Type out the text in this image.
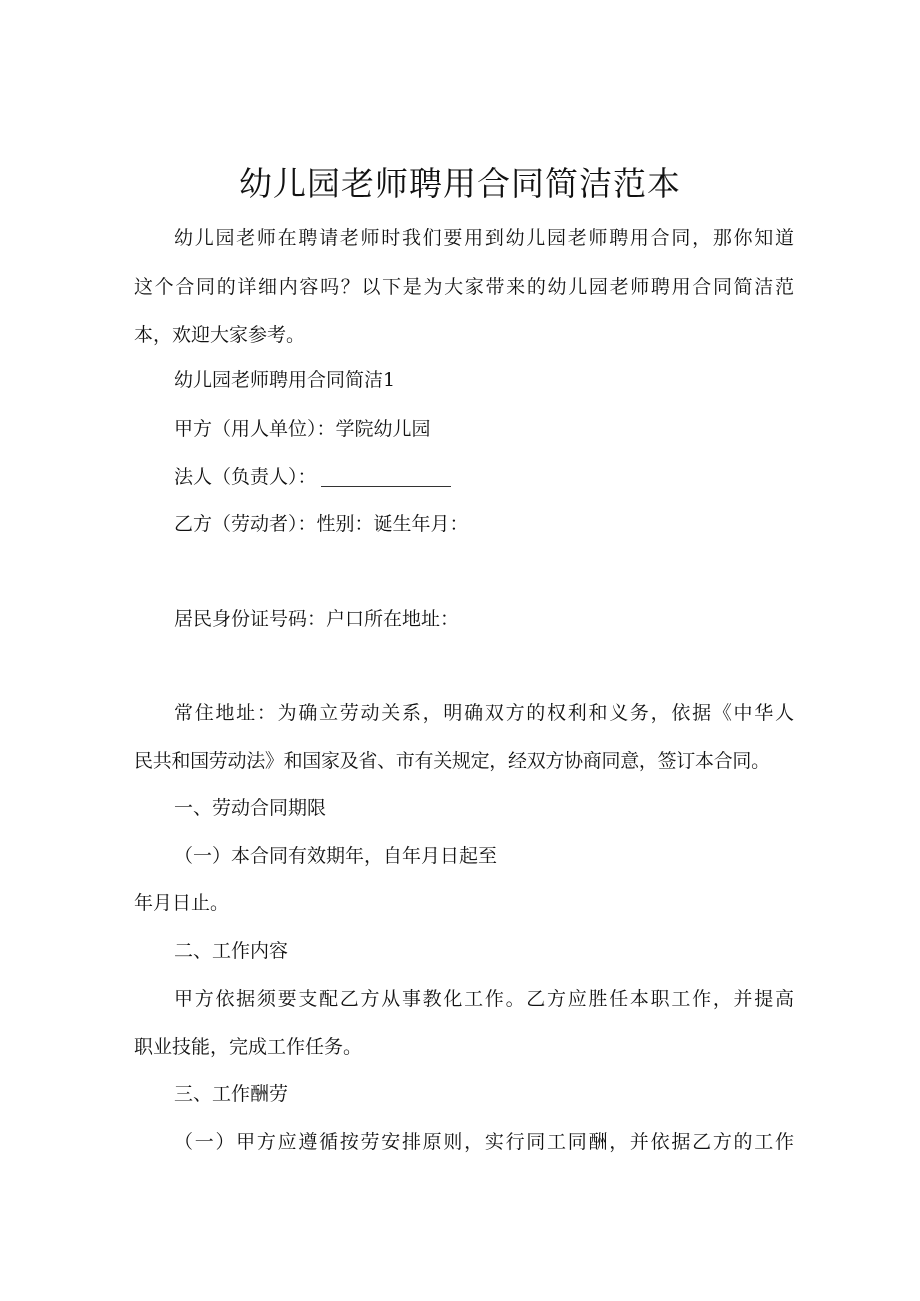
幼儿园老师聘用合同简洁范本

幼儿园老师在聘请老师时我们要用到幼儿园老师聘用合同，那你知道

这个合同的详细内容吗？以下是为大家带来的幼儿园老师聘用合同简洁范

本，欢迎大家参考。

幼儿园老师聘用合同简洁1

甲方（用人单位）：学院幼儿园

法人（负责人）：

乙方（劳动者）：性别：诞生年月：

居民身份证号码：户口所在地址：

常住地址：为确立劳动关系，明确双方的权利和义务，依据《中华人

民共和国劳动法》和国家及省、市有关规定，经双方协商同意，签订本合同。

一、劳动合同期限

（一）本合同有效期年，自年月日起至

年月日止。

二、工作内容

甲方依据须要支配乙方从事教化工作。乙方应胜任本职工作，并提高

职业技能，完成工作任务。

三、工作酬劳

（一）甲方应遵循按劳安排原则，实行同工同酬，并依据乙方的工作
